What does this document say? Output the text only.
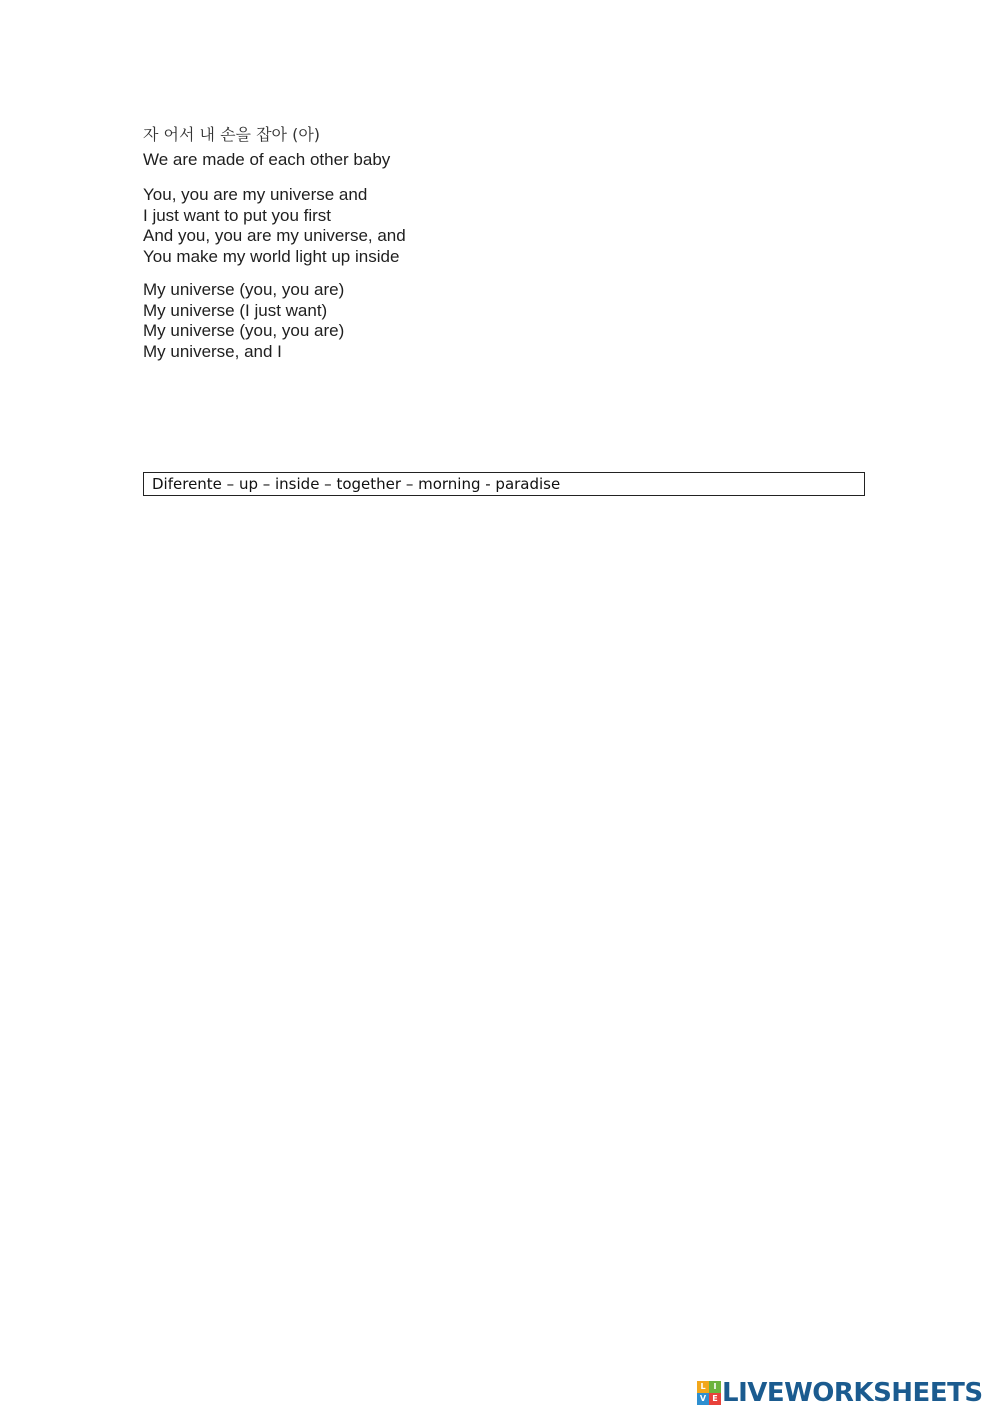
자 어서 내 손을 잡아 (아)
We are made of each other baby
You, you are my universe and
I just want to put you first
And you, you are my universe, and
You make my world light up inside
My universe (you, you are)
My universe (I just want)
My universe (you, you are)
My universe, and I
Diferente – up – inside – together – morning - paradise
L I
V E LIVEWORKSHEETS
